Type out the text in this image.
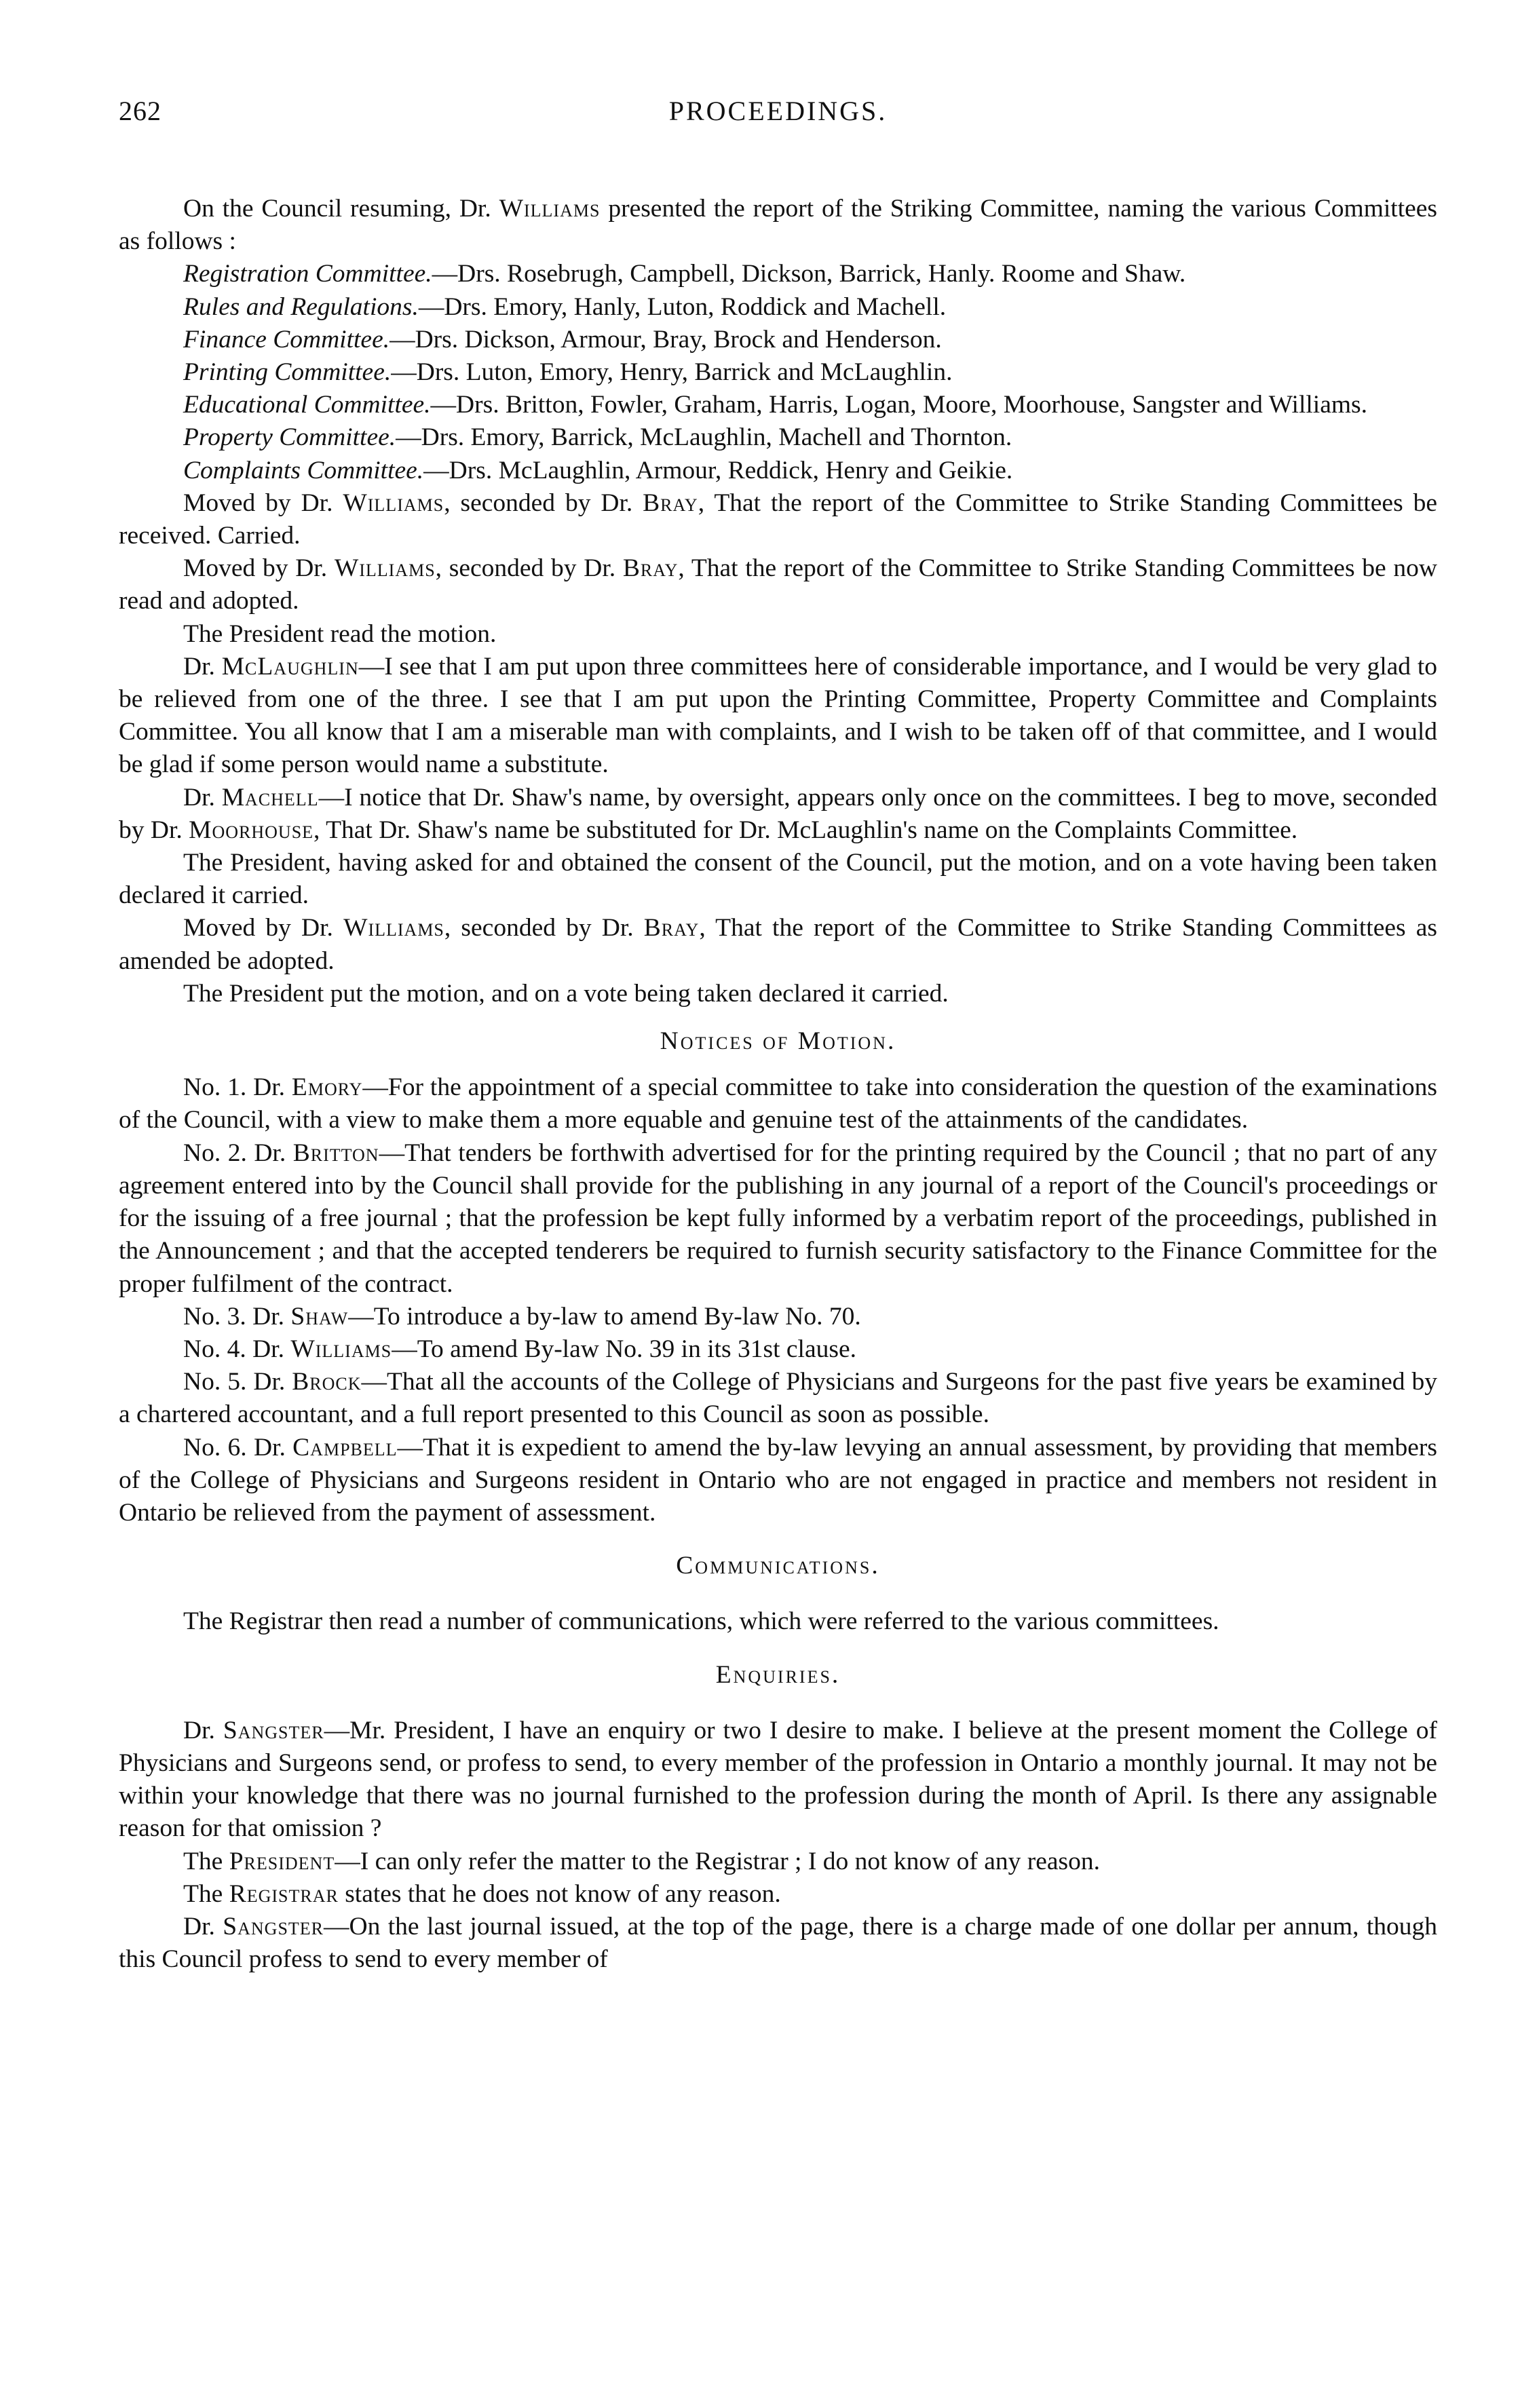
262	PROCEEDINGS.

On the Council resuming, Dr. Williams presented the report of the Striking Committee, naming the various Committees as follows :

Registration Committee.—Drs. Rosebrugh, Campbell, Dickson, Barrick, Hanly. Roome and Shaw.

Rules and Regulations.—Drs. Emory, Hanly, Luton, Roddick and Machell.

Finance Committee.—Drs. Dickson, Armour, Bray, Brock and Henderson.

Printing Committee.—Drs. Luton, Emory, Henry, Barrick and McLaughlin.

Educational Committee.—Drs. Britton, Fowler, Graham, Harris, Logan, Moore, Moorhouse, Sangster and Williams.

Property Committee.—Drs. Emory, Barrick, McLaughlin, Machell and Thornton.

Complaints Committee.—Drs. McLaughlin, Armour, Reddick, Henry and Geikie.

Moved by Dr. Williams, seconded by Dr. Bray, That the report of the Committee to Strike Standing Committees be received. Carried.

Moved by Dr. Williams, seconded by Dr. Bray, That the report of the Committee to Strike Standing Committees be now read and adopted.

The President read the motion.

Dr. McLaughlin—I see that I am put upon three committees here of considerable importance, and I would be very glad to be relieved from one of the three. I see that I am put upon the Printing Committee, Property Committee and Complaints Committee. You all know that I am a miserable man with complaints, and I wish to be taken off of that committee, and I would be glad if some person would name a substitute.

Dr. Machell—I notice that Dr. Shaw's name, by oversight, appears only once on the committees. I beg to move, seconded by Dr. Moorhouse, That Dr. Shaw's name be substituted for Dr. McLaughlin's name on the Complaints Committee.

The President, having asked for and obtained the consent of the Council, put the motion, and on a vote having been taken declared it carried.

Moved by Dr. Williams, seconded by Dr. Bray, That the report of the Committee to Strike Standing Committees as amended be adopted.

The President put the motion, and on a vote being taken declared it carried.

Notices of Motion.

No. 1. Dr. Emory—For the appointment of a special committee to take into consideration the question of the examinations of the Council, with a view to make them a more equable and genuine test of the attainments of the candidates.

No. 2. Dr. Britton—That tenders be forthwith advertised for for the printing required by the Council ; that no part of any agreement entered into by the Council shall provide for the publishing in any journal of a report of the Council's proceedings or for the issuing of a free journal ; that the profession be kept fully informed by a verbatim report of the proceedings, published in the Announcement ; and that the accepted tenderers be required to furnish security satisfactory to the Finance Committee for the proper fulfilment of the contract.

No. 3. Dr. Shaw—To introduce a by-law to amend By-law No. 70.

No. 4. Dr. Williams—To amend By-law No. 39 in its 31st clause.

No. 5. Dr. Brock—That all the accounts of the College of Physicians and Surgeons for the past five years be examined by a chartered accountant, and a full report presented to this Council as soon as possible.

No. 6. Dr. Campbell—That it is expedient to amend the by-law levying an annual assessment, by providing that members of the College of Physicians and Surgeons resident in Ontario who are not engaged in practice and members not resident in Ontario be relieved from the payment of assessment.

Communications.

The Registrar then read a number of communications, which were referred to the various committees.

Enquiries.

Dr. Sangster—Mr. President, I have an enquiry or two I desire to make. I believe at the present moment the College of Physicians and Surgeons send, or profess to send, to every member of the profession in Ontario a monthly journal. It may not be within your knowledge that there was no journal furnished to the profession during the month of April. Is there any assignable reason for that omission ?

The President—I can only refer the matter to the Registrar ; I do not know of any reason.

The Registrar states that he does not know of any reason.

Dr. Sangster—On the last journal issued, at the top of the page, there is a charge made of one dollar per annum, though this Council profess to send to every member of
